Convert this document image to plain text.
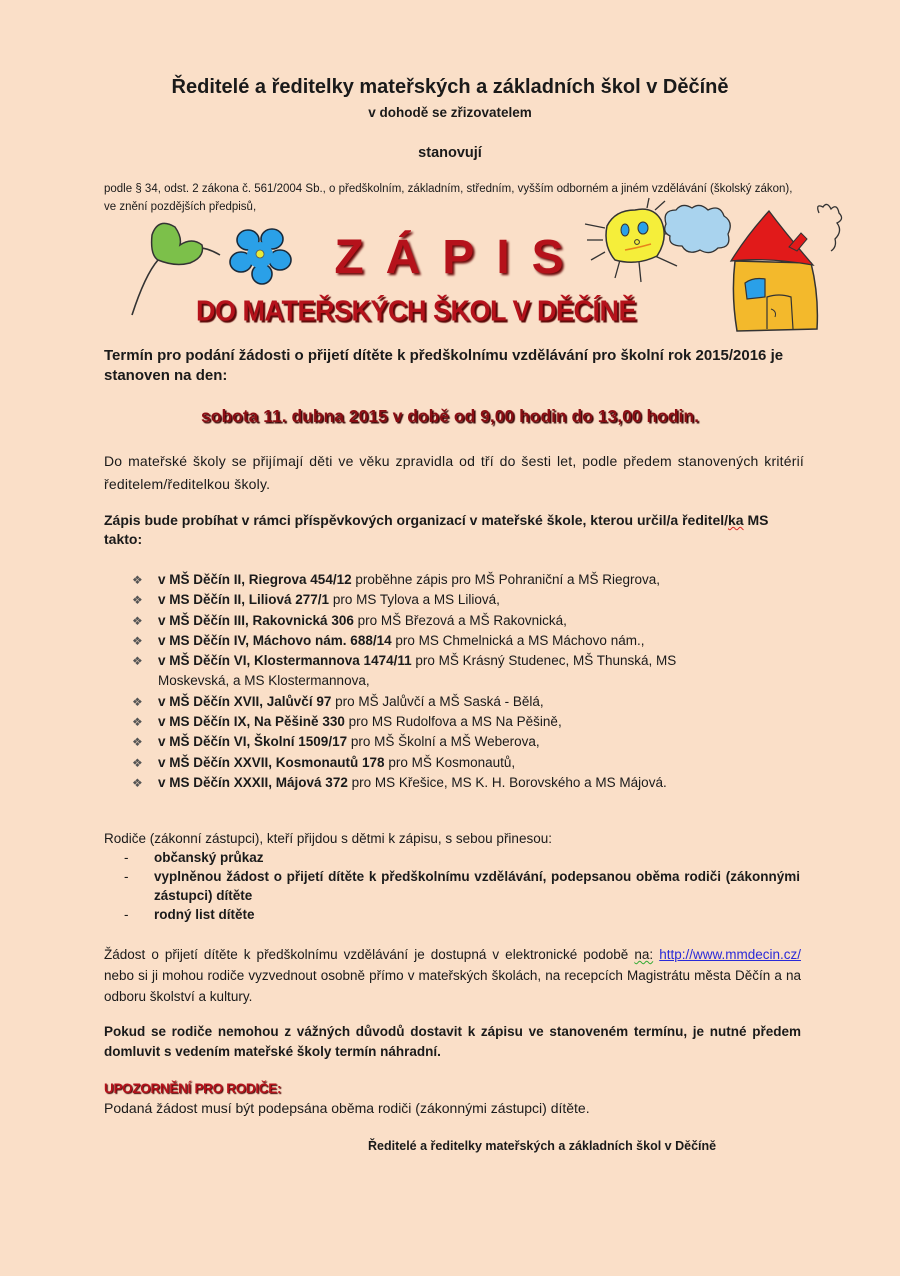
Ředitelé a ředitelky mateřských a základních škol v Děčíně
v dohodě se zřizovatelem
stanovují
podle § 34, odst. 2 zákona č. 561/2004 Sb., o předškolním, základním, středním, vyšším odborném a jiném vzdělávání (školský zákon), ve znění pozdějších předpisů,
ZÁPIS
DO MATEŘSKÝCH ŠKOL V DĚČÍNĚ
Termín pro podání žádosti o přijetí dítěte k předškolnímu vzdělávání pro školní rok 2015/2016 je stanoven na den:
sobota 11. dubna 2015 v době od 9,00 hodin do 13,00 hodin.
Do mateřské školy se přijímají děti ve věku zpravidla od tří do šesti let, podle předem stanovených kritérií ředitelem/ředitelkou školy.
Zápis bude probíhat v rámci příspěvkových organizací v mateřské škole, kterou určil/a ředitel/ka MS takto:
❖ v MŠ Děčín II, Riegrova 454/12 proběhne zápis pro MŠ Pohraniční a MŠ Riegrova,
❖ v MS Děčín II, Liliová 277/1 pro MS Tylova a MS Liliová,
❖ v MŠ Děčín III, Rakovnická 306 pro MŠ Březová a MŠ Rakovnická,
❖ v MS Děčín IV, Máchovo nám. 688/14 pro MS Chmelnická a MS Máchovo nám.,
❖ v MŠ Děčín VI, Klostermannova 1474/11 pro MŠ Krásný Studenec, MŠ Thunská, MS Moskevská, a MS Klostermannova,
❖ v MŠ Děčín XVII, Jalůvčí 97 pro MŠ Jalůvčí a MŠ Saská - Bělá,
❖ v MS Děčín IX, Na Pěšině 330 pro MS Rudolfova a MS Na Pěšině,
❖ v MŠ Děčín VI, Školní 1509/17 pro MŠ Školní a MŠ Weberova,
❖ v MŠ Děčín XXVII, Kosmonautů 178 pro MŠ Kosmonautů,
❖ v MS Děčín XXXII, Májová 372 pro MS Křešice, MS K. H. Borovského a MS Májová.
Rodiče (zákonní zástupci), kteří přijdou s dětmi k zápisu, s sebou přinesou:
- občanský průkaz
- vyplněnou žádost o přijetí dítěte k předškolnímu vzdělávání, podepsanou oběma rodiči (zákonnými zástupci) dítěte
- rodný list dítěte
Žádost o přijetí dítěte k předškolnímu vzdělávání je dostupná v elektronické podobě na: http://www.mmdecin.cz/ nebo si ji mohou rodiče vyzvednout osobně přímo v mateřských školách, na recepcích Magistrátu města Děčín a na odboru školství a kultury.
Pokud se rodiče nemohou z vážných důvodů dostavit k zápisu ve stanoveném termínu, je nutné předem domluvit s vedením mateřské školy termín náhradní.
UPOZORNĚNÍ PRO RODIČE:
Podaná žádost musí být podepsána oběma rodiči (zákonnými zástupci) dítěte.
Ředitelé a ředitelky mateřských a základních škol v Děčíně
